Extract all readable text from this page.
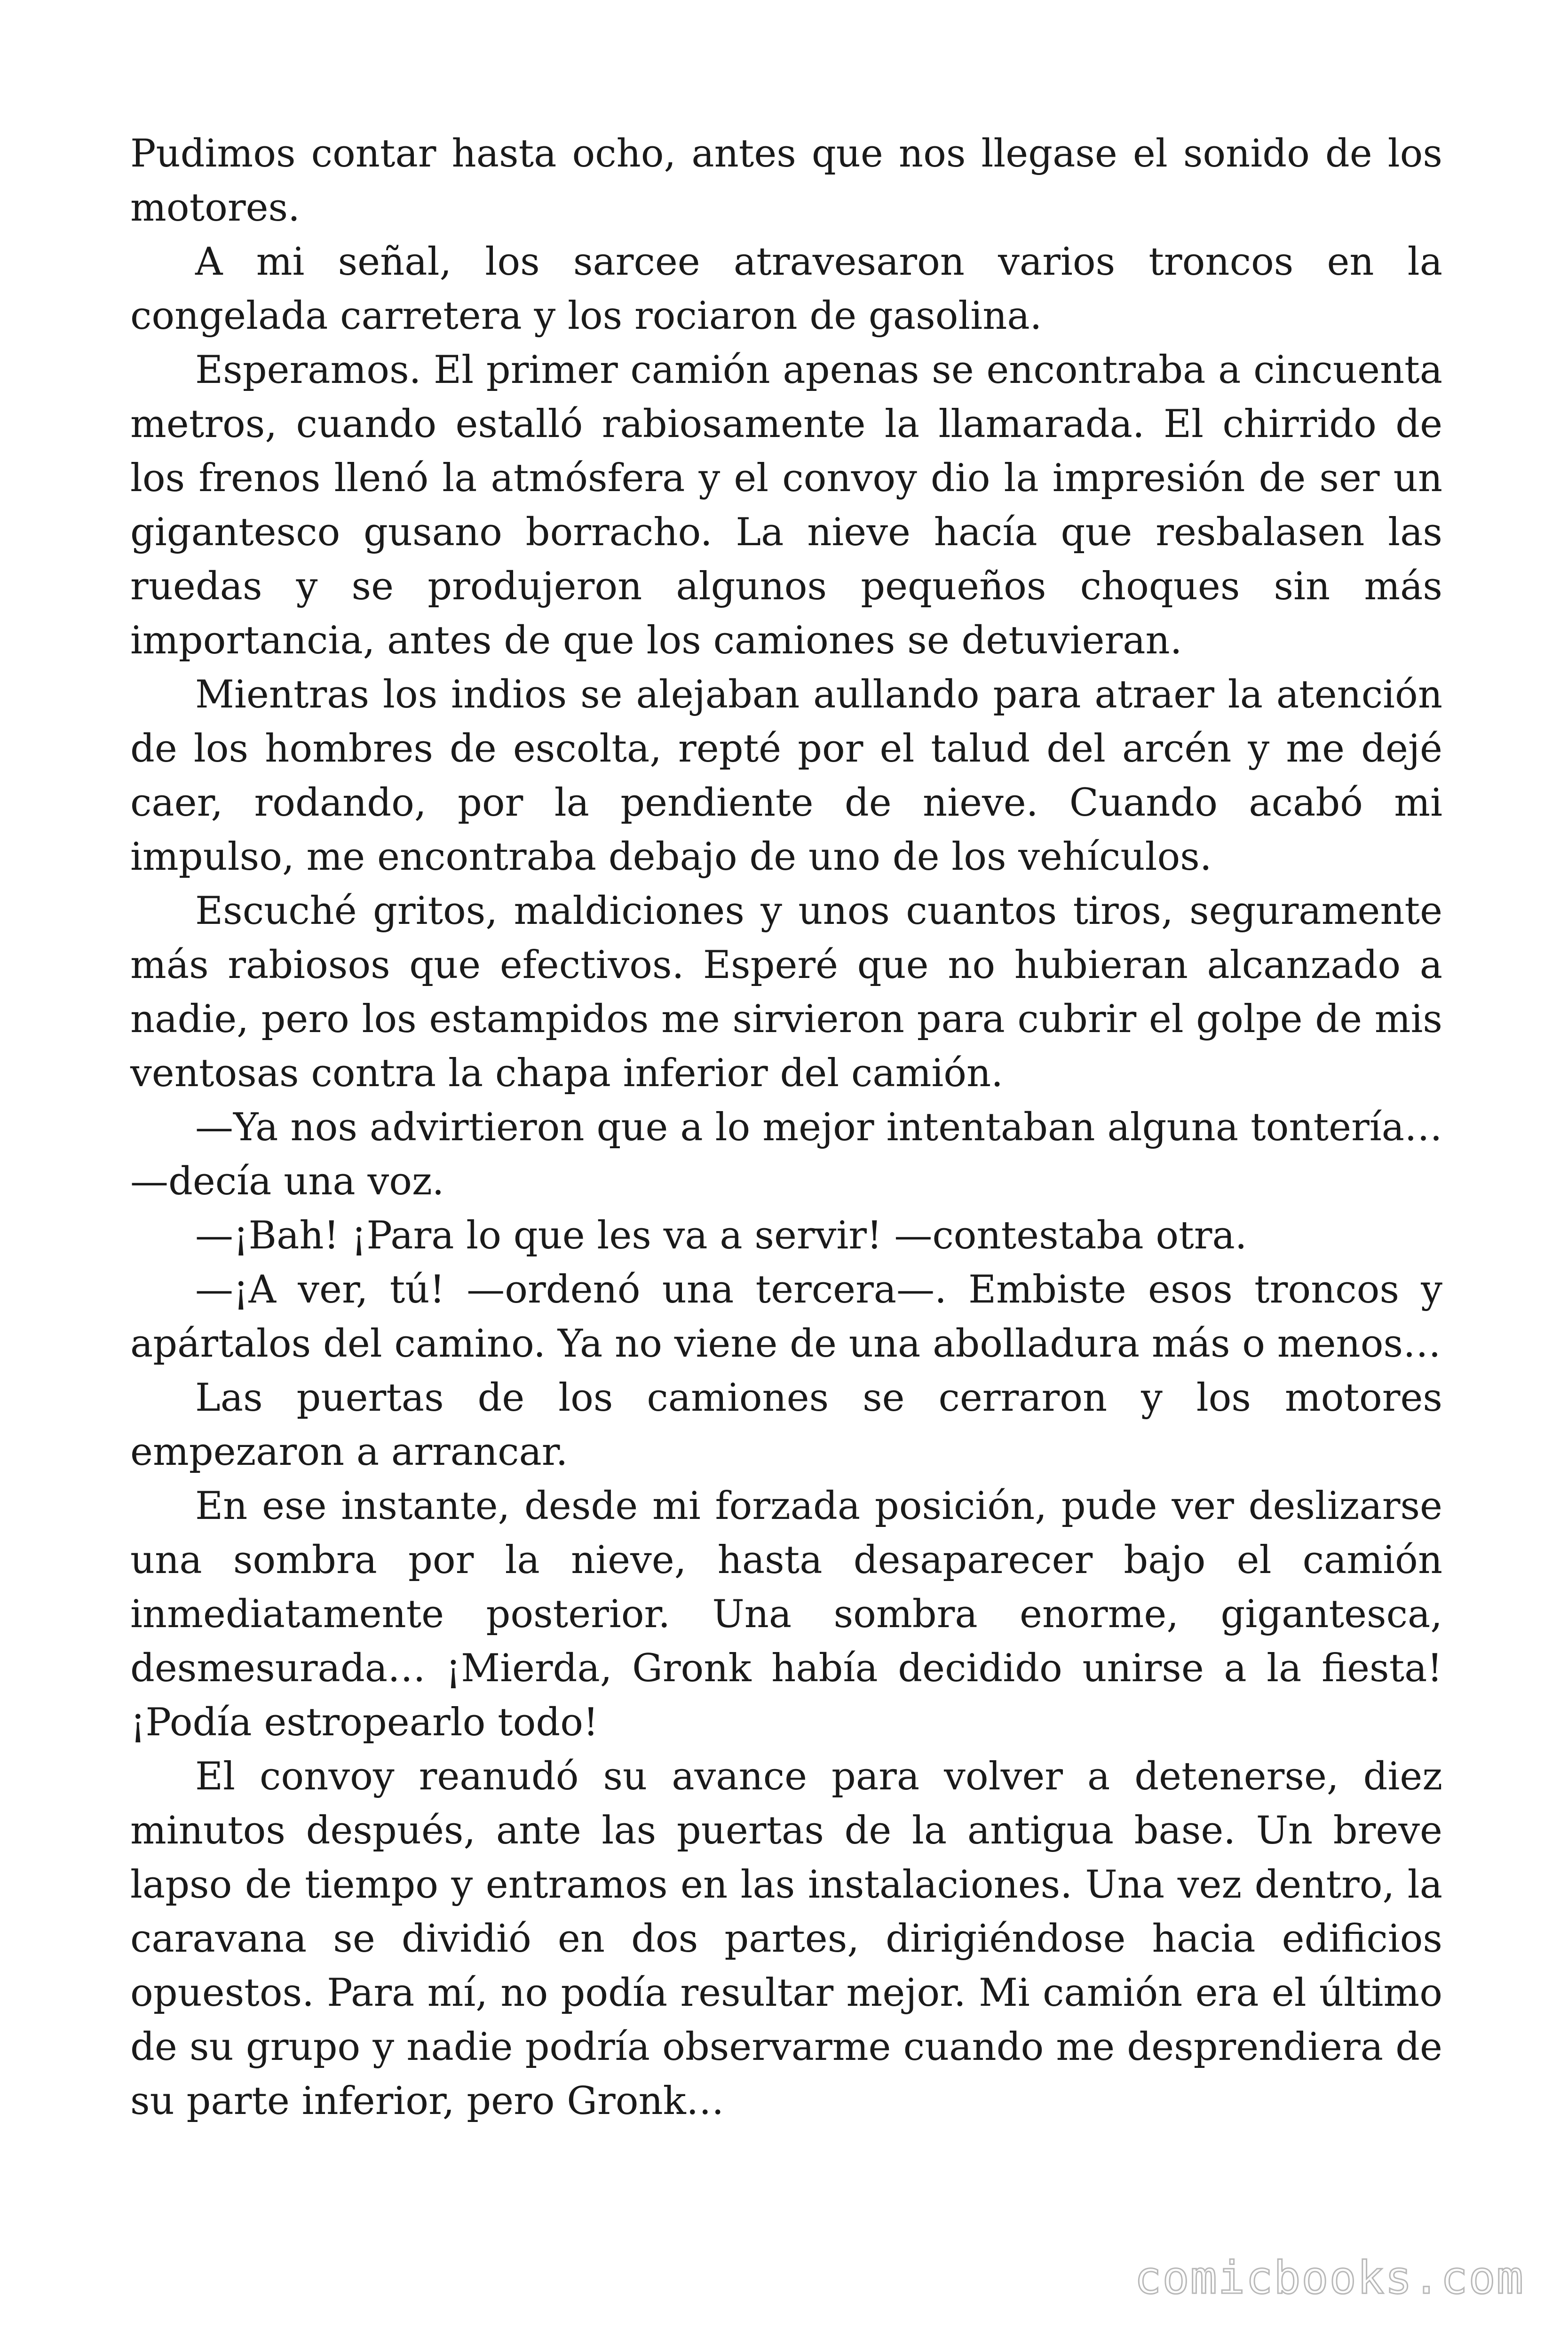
Pudimos contar hasta ocho, antes que nos llegase el sonido de los motores.

A mi señal, los sarcee atravesaron varios troncos en la congelada carretera y los rociaron de gasolina.

Esperamos. El primer camión apenas se encontraba a cincuenta metros, cuando estalló rabiosamente la llamarada. El chirrido de los frenos llenó la atmósfera y el convoy dio la impresión de ser un gigantesco gusano borracho. La nieve hacía que resbalasen las ruedas y se produjeron algunos pequeños choques sin más importancia, antes de que los camiones se detuvieran.

Mientras los indios se alejaban aullando para atraer la atención de los hombres de escolta, repté por el talud del arcén y me dejé caer, rodando, por la pendiente de nieve. Cuando acabó mi impulso, me encontraba debajo de uno de los vehículos.

Escuché gritos, maldiciones y unos cuantos tiros, seguramente más rabiosos que efectivos. Esperé que no hubieran alcanzado a nadie, pero los estampidos me sirvieron para cubrir el golpe de mis ventosas contra la chapa inferior del camión.

—Ya nos advirtieron que a lo mejor intentaban alguna tontería… —decía una voz.

—¡Bah! ¡Para lo que les va a servir! —contestaba otra.

—¡A ver, tú! —ordenó una tercera—. Embiste esos troncos y apártalos del camino. Ya no viene de una abolladura más o menos…

Las puertas de los camiones se cerraron y los motores empezaron a arrancar.

En ese instante, desde mi forzada posición, pude ver deslizarse una sombra por la nieve, hasta desaparecer bajo el camión inmediatamente posterior. Una sombra enorme, gigantesca, desmesurada… ¡Mierda, Gronk había decidido unirse a la fiesta! ¡Podía estropearlo todo!

El convoy reanudó su avance para volver a detenerse, diez minutos después, ante las puertas de la antigua base. Un breve lapso de tiempo y entramos en las instalaciones. Una vez dentro, la caravana se dividió en dos partes, dirigiéndose hacia edificios opuestos. Para mí, no podía resultar mejor. Mi camión era el último de su grupo y nadie podría observarme cuando me desprendiera de su parte inferior, pero Gronk…

comicbooks.com
